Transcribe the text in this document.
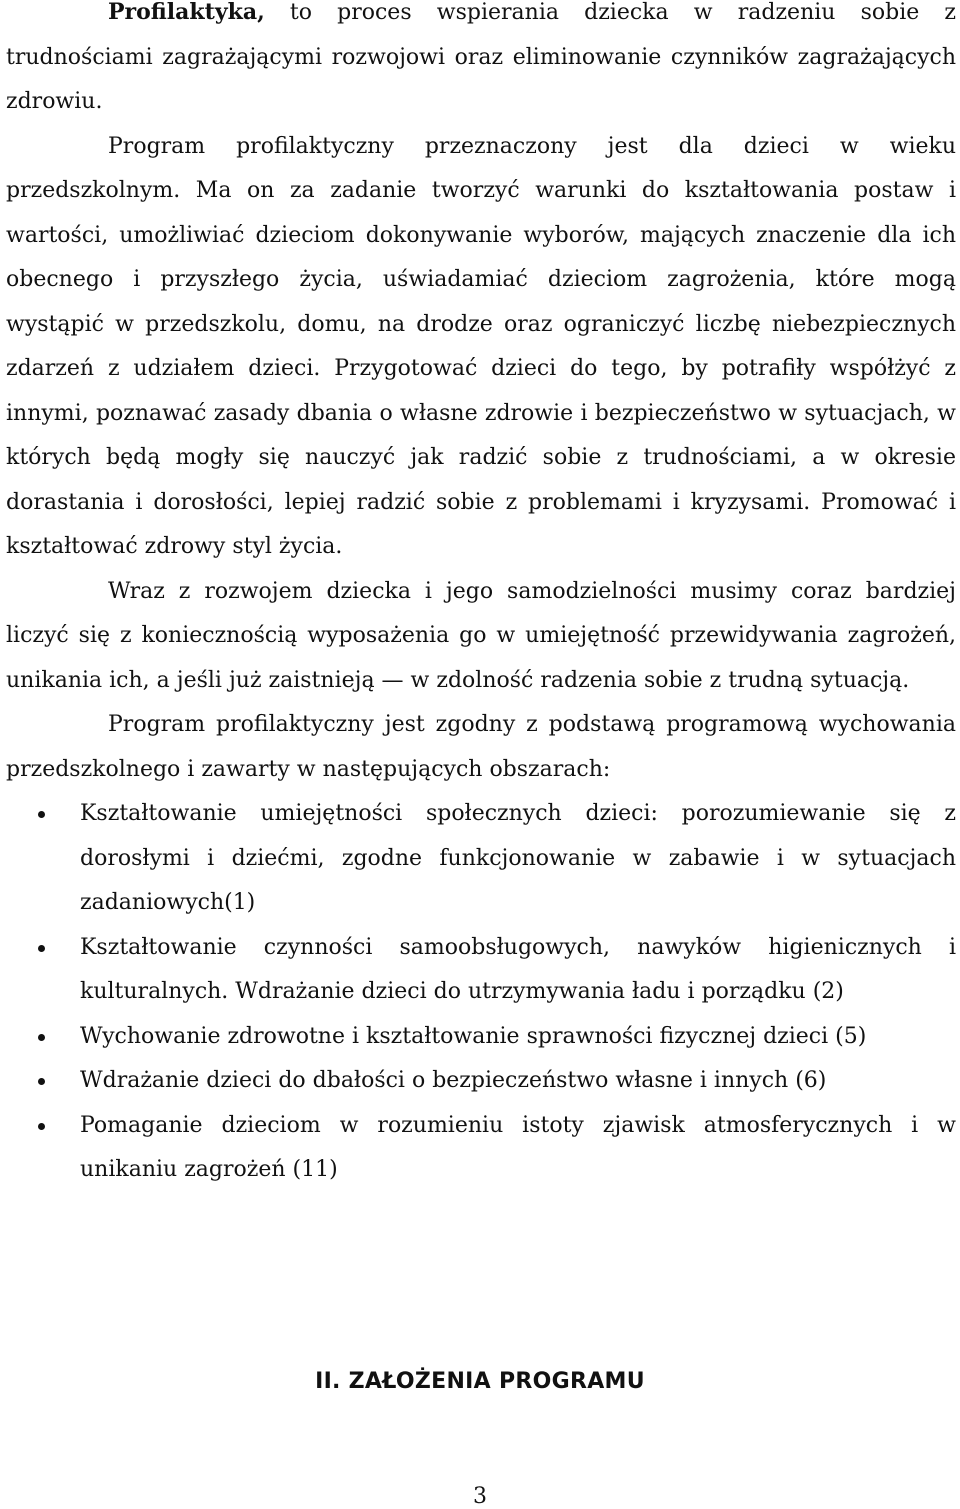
Profilaktyka, to proces wspierania dziecka w radzeniu sobie z trudnościami zagrażającymi rozwojowi oraz eliminowanie czynników zagrażających zdrowiu.

Program profilaktyczny przeznaczony jest dla dzieci w wieku przedszkolnym. Ma on za zadanie tworzyć warunki do kształtowania postaw i wartości, umożliwiać dzieciom dokonywanie wyborów, mających znaczenie dla ich obecnego i przyszłego życia, uświadamiać dzieciom zagrożenia, które mogą wystąpić w przedszkolu, domu, na drodze oraz ograniczyć liczbę niebezpiecznych zdarzeń z udziałem dzieci. Przygotować dzieci do tego, by potrafiły współżyć z innymi, poznawać zasady dbania o własne zdrowie i bezpieczeństwo w sytuacjach, w których będą mogły się nauczyć jak radzić sobie z trudnościami, a w okresie dorastania i dorosłości, lepiej radzić sobie z problemami i kryzysami. Promować i kształtować zdrowy styl życia.

Wraz z rozwojem dziecka i jego samodzielności musimy coraz bardziej liczyć się z koniecznością wyposażenia go w umiejętność przewidywania zagrożeń, unikania ich, a jeśli już zaistnieją — w zdolność radzenia sobie z trudną sytuacją.

Program profilaktyczny jest zgodny z podstawą programową wychowania przedszkolnego i zawarty w następujących obszarach:

Kształtowanie umiejętności społecznych dzieci: porozumiewanie się z dorosłymi i dziećmi, zgodne funkcjonowanie w zabawie i w sytuacjach zadaniowych(1)
Kształtowanie czynności samoobsługowych, nawyków higienicznych i kulturalnych. Wdrażanie dzieci do utrzymywania ładu i porządku (2)
Wychowanie zdrowotne i kształtowanie sprawności fizycznej dzieci (5)
Wdrażanie dzieci do dbałości o bezpieczeństwo własne i innych (6)
Pomaganie dzieciom w rozumieniu istoty zjawisk atmosferycznych i w unikaniu zagrożeń (11)
II. ZAŁOŻENIA PROGRAMU
3
